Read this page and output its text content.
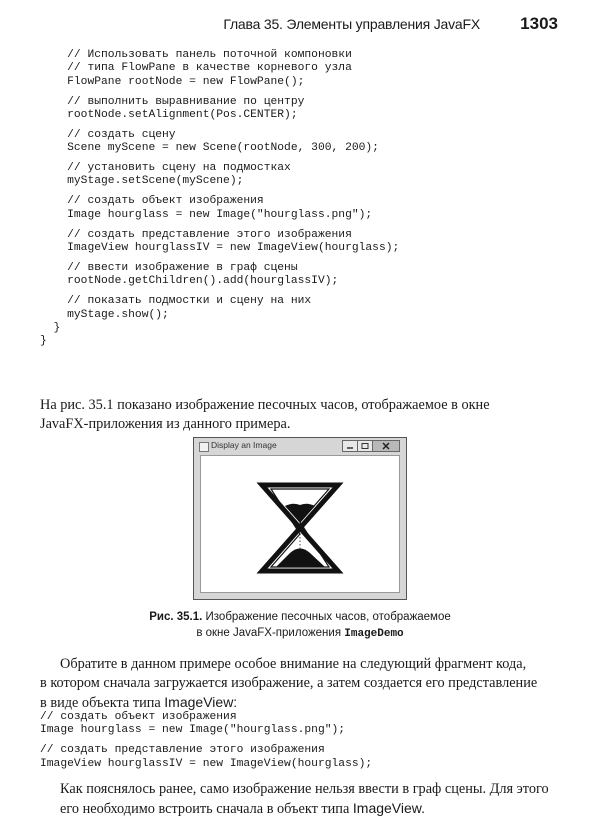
Глава 35. Элементы управления JavaFX 1303
// Использовать панель поточной компоновки
// типа FlowPane в качестве корневого узла
FlowPane rootNode = new FlowPane();
// выполнить выравнивание по центру
rootNode.setAlignment(Pos.CENTER);
// создать сцену
Scene myScene = new Scene(rootNode, 300, 200);
// установить сцену на подмостках
myStage.setScene(myScene);
// создать объект изображения
Image hourglass = new Image("hourglass.png");
// создать представление этого изображения
ImageView hourglassIV = new ImageView(hourglass);
// ввести изображение в граф сцены
rootNode.getChildren().add(hourglassIV);
// показать подмостки и сцену на них
myStage.show();
}
}

На рис. 35.1 показано изображение песочных часов, отображаемое в окне
JavaFX-приложения из данного примера.

Display an Image

Рис. 35.1. Изображение песочных часов, отображаемое
в окне JavaFX-приложения ImageDemo

Обратите в данном примере особое внимание на следующий фрагмент кода,
в котором сначала загружается изображение, а затем создается его представление
в виде объекта типа ImageView:

// создать объект изображения
Image hourglass = new Image("hourglass.png");
// создать представление этого изображения
ImageView hourglassIV = new ImageView(hourglass);

Как пояснялось ранее, само изображение нельзя ввести в граф сцены. Для этого
его необходимо встроить сначала в объект типа ImageView.
